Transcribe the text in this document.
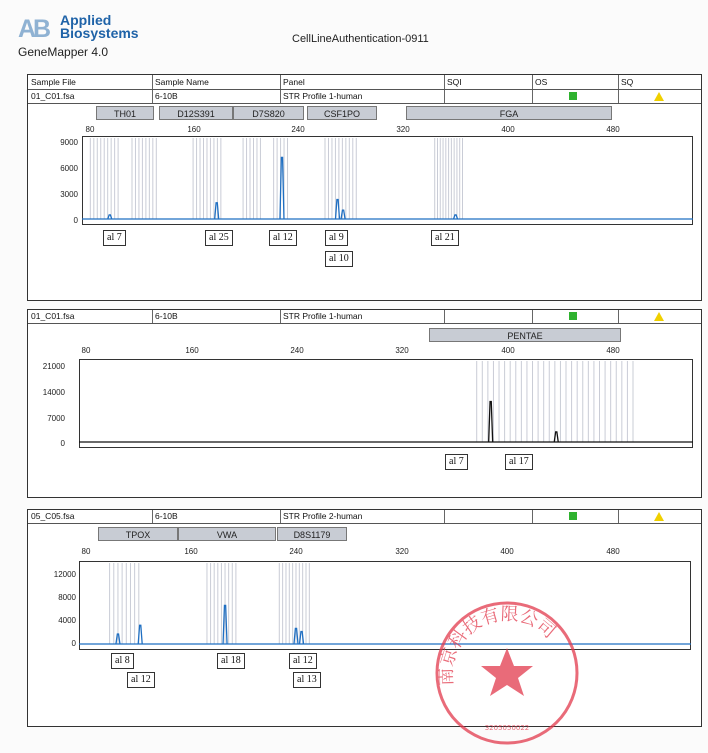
AB Applied
Biosystems
GeneMapper 4.0
CellLineAuthentication-0911
Sample File	Sample Name	Panel	SQI	OS	SQ
01_C01.fsa	6-10B	STR Profile 1-human
TH01	D12S391	D7S820	CSF1PO	FGA
80	160	240	320	400	480
9000
6000
3000
0
al 7	al 25	al 12	al 9
al 10
al 21
01_C01.fsa	6-10B	STR Profile 1-human
PENTAE
80	160	240	320	400	480
21000
14000
7000
0
al 7	al 17
05_C05.fsa	6-10B	STR Profile 2-human
TPOX	VWA	D8S1179
80	160	240	320	400	480
12000
8000
4000
0
al 8
al 12
al 18	al 12
al 13	南京科技有限公司
3205050022
